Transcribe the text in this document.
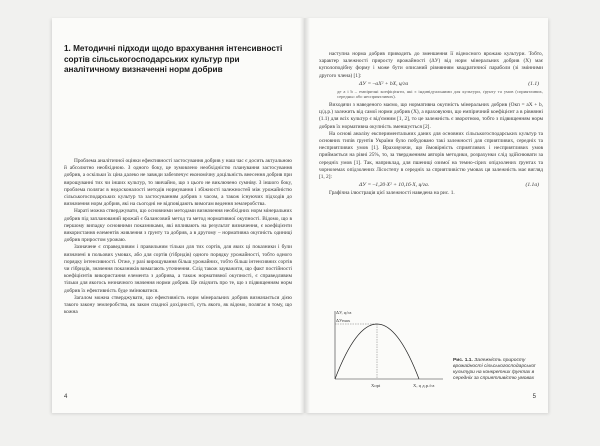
1. Методичні підходи щодо врахування інтенсивності сортів сільськогосподарських культур при аналітичному визначенні норм добрив

Проблема аналітичної оцінки ефективності застосування добрив у наш час є досить актуальною й абсолютно необхідною. З одного боку, це зумовлено необхідністю планування застосування добрив, а оскільки їх ціна далеко не завжди забезпечує економічну доцільність внесення добрив при вирощуванні тих чи інших культур, то звичайно, що з цього не виключено сумніву. З іншого боку, проблема полягає в недосконалості методів нормування і збіжності залежностей між урожайністю сільськогосподарських культур та застосуванням добрив з часом, а також існуючих підходів до визначення норм добрив, які на сьогодні не відповідають вимогам ведення землеробства.

Нараті можна стверджувати, що основними методами визначення необхідних норм мінеральних добрив під запланований врожай є балансовий метод та метод нормативної окупності. Відомо, що в першому випадку основними показниками, які впливають на результат визначення, є коефіцієнти використання елементів живлення з ґрунту та добрив, а в другому – нормативна окупність одиниці добрив приростом урожаю.

Зазначене є справедливим і правильним тільки для тих сортів, для яких ці показники і були визначені в польових умовах, або для сортів (гібридів) одного порядку урожайності, тобто одного порядку інтенсивності. Отже, у разі вирощування більш урожайних, тобто більш інтенсивних сортів чи гібридів, значення показників вимагають уточнення. Слід також зауважити, що факт постійності коефіцієнтів використання елемента з добрива, а також нормативної окупності, є справедливим тільки для якогось незначного значення норми добрив. Це свідчить про те, що з підвищенням норм добрив їх ефективність буде змінюватися.

Загалом можна стверджувати, що ефективність норм мінеральних добрив визначається дією такого закону землеробства, як закон спадної дохідності, суть якого, як відомо, полягає в тому, що кожна

4

наступна норма добрив приводить до зменшення її відносного врожаю культури. Тобто, характер залежності приросту врожайності (ΔУ) від норм мінеральних добрив (Х) має куполоподібну форму і може бути описаний рівнянням квадратичної параболи (зі змінними другого члена) [1]:

ΔУ = –аХ² + bХ, ц/га	(1.1)
де а і b – емпіричні коефіцієнти, які є індивідуальними для культури, ґрунту та умов (сприятливих, середньо або несприятливих).

Виходячи з наведеного маємо, що нормативна окупність мінеральних добрив (Окп = аХ + b, ц/д.р.) залежить від самої норми добрив (Х), а враховуючи, що емпіричний коефіцієнт а в рівнянні (1.1) для всіх культур є від'ємним [1, 2], то це залежність є зворотною, тобто з підвищенням норм добрив їх нормативна окупність зменшується [2].

На основі аналізу експериментальних даних для основних сільськогосподарських культур та основних типів ґрунтів України було побудовано такі залежності для сприятливих, середніх та несприятливих умов [1]. Враховуючи, що ймовірність сприятливих і несприятливих умов приймається на рівні 25%, то, за твердженням авторів методики, розрахунки слід здійснювати за середніх умов [1]. Так, наприклад, для пшениці озимої на темно-сірих опідзолених ґрунтах та чорноземах опідзолених Лісостепу в середніх за сприятливістю умовах ця залежність має вигляд [1, 2]:

ΔУ = –1,20·X² + 10,16·X, ц/га.	(1.1а)

Графічна ілюстрація цієї залежності наведена на рис. 1.

ΔУ, ц/га
ΔУmax
Xopt	X, ц д.р./га
Рис. 1.1. Залежність приросту врожайності сільськогосподарської культури на конкретних ґрунтах в середніх за сприятливістю умовах
5
